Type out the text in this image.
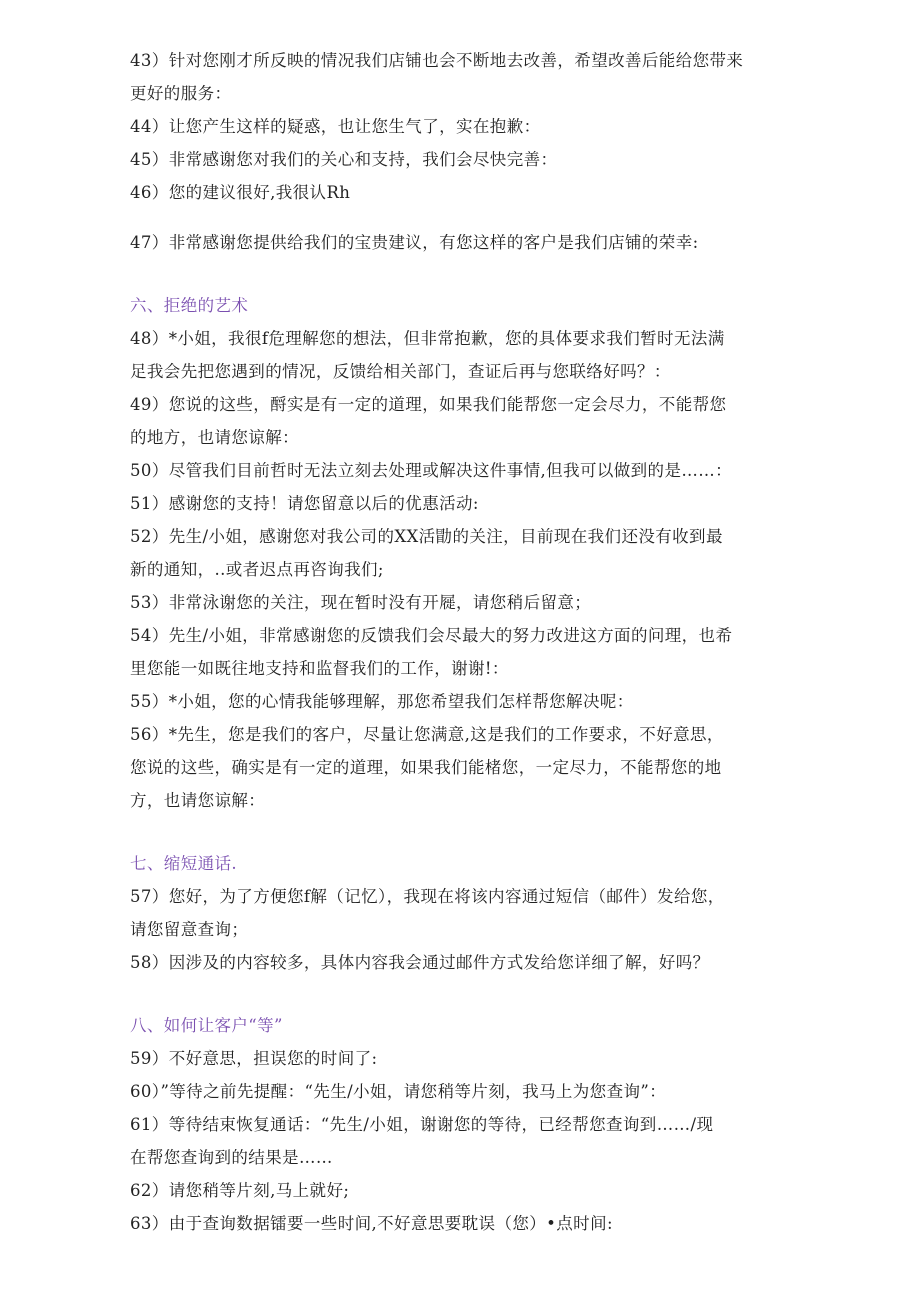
43）针对您刚才所反映的情况我们店铺也会不断地去改善，希望改善后能给您带来
更好的服务：
44）让您产生这样的疑惑，也让您生气了，实在抱歉：
45）非常感谢您对我们的关心和支持，我们会尽快完善：
46）您的建议很好,我很认Rh
47）非常感谢您提供给我们的宝贵建议，有您这样的客户是我们店铺的荣幸:
六、拒绝的艺术
48）*小姐，我很f危理解您的想法，但非常抱歉，您的具体要求我们暂时无法满
足我会先把您遇到的情况，反馈给相关部门，查证后再与您联络好吗？：
49）您说的这些，酹实是有一定的道理，如果我们能帮您一定会尽力，不能帮您
的地方，也请您谅解：
50）尽管我们目前哲时无法立刻去处理或解决这件事情,但我可以做到的是……：
51）感谢您的支持！请您留意以后的优惠活动:
52）先生/小姐，感谢您对我公司的XX活勖的关注，目前现在我们还没有收到最
新的通知，..或者迟点再咨询我们;
53）非常泳谢您的关注，现在暂时没有开屣，请您稍后留意；
54）先生/小姐，非常感谢您的反馈我们会尽最大的努力改进这方面的问理，也希
里您能一如既往地支持和监督我们的工作，谢谢!：
55）*小姐，您的心情我能够理解，那您希望我们怎样帮您解决呢：
56）*先生，您是我们的客户，尽量让您满意,这是我们的工作要求，不好意思，
您说的这些，确实是有一定的道理，如果我们能楮您，一定尽力，不能帮您的地
方，也请您谅解：
七、缩短通话.
57）您好，为了方便您f解（记忆），我现在将该内容通过短信（邮件）发给您，
请您留意查询；
58）因涉及的内容较多，具体内容我会通过邮件方式发给您详细了解，好吗？
八、如何让客户“等”
59）不好意思，担误您的时间了:
60）”等待之前先提醒：“先生/小姐，请您稍等片刻，我马上为您查询”：
61）等待结束恢复通话：“先生/小姐，谢谢您的等待，已经帮您查询到……/现
在帮您查询到的结果是……
62）请您稍等片刻,马上就好;
63）由于查询数据镭要一些时间,不好意思要耽误（您）•点时间:
